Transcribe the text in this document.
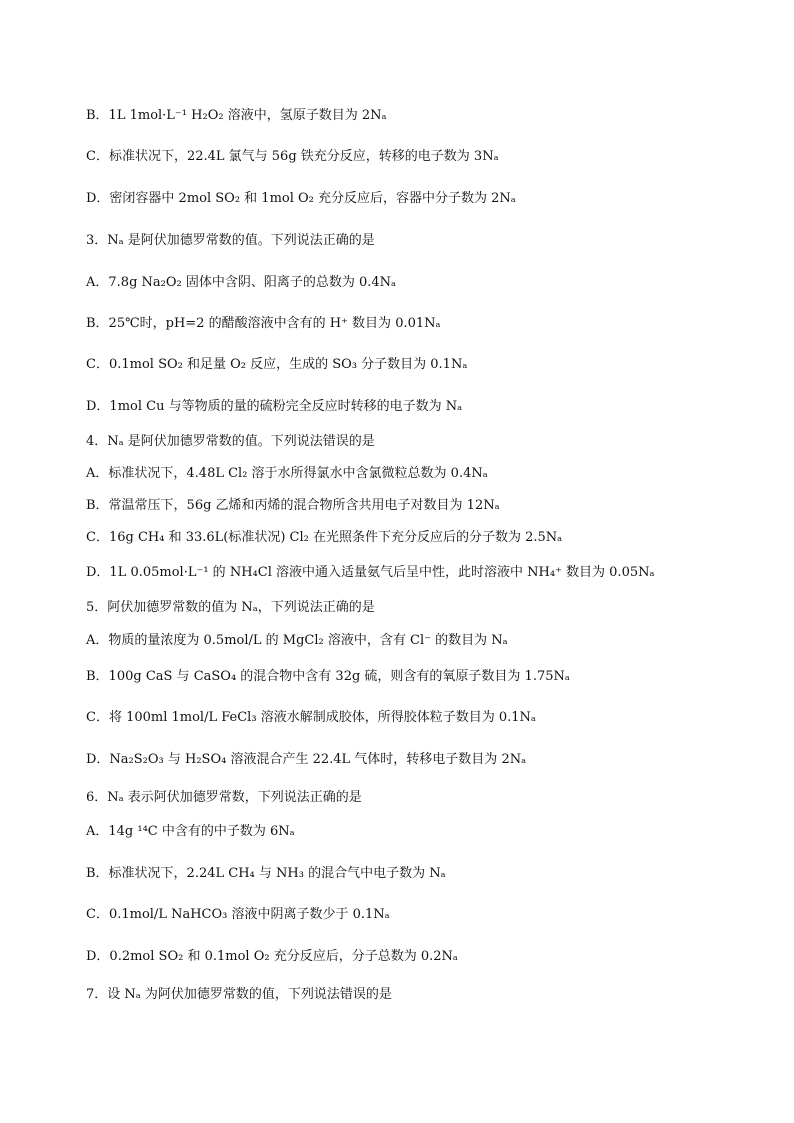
B．1L 1mol·L⁻¹ H₂O₂ 溶液中，氢原子数目为 2Nₐ
C．标准状况下，22.4L 氯气与 56g 铁充分反应，转移的电子数为 3Nₐ
D．密闭容器中 2mol SO₂ 和 1mol O₂ 充分反应后，容器中分子数为 2Nₐ
3．Nₐ 是阿伏加德罗常数的值。下列说法正确的是
A．7.8g Na₂O₂ 固体中含阴、阳离子的总数为 0.4Nₐ
B．25℃时，pH=2 的醋酸溶液中含有的 H⁺ 数目为 0.01Nₐ
C．0.1mol SO₂ 和足量 O₂ 反应，生成的 SO₃ 分子数目为 0.1Nₐ
D．1mol Cu 与等物质的量的硫粉完全反应时转移的电子数为 Nₐ
4．Nₐ 是阿伏加德罗常数的值。下列说法错误的是
A．标准状况下，4.48L Cl₂ 溶于水所得氯水中含氯微粒总数为 0.4Nₐ
B．常温常压下，56g 乙烯和丙烯的混合物所含共用电子对数目为 12Nₐ
C．16g CH₄ 和 33.6L(标准状况) Cl₂ 在光照条件下充分反应后的分子数为 2.5Nₐ
D．1L 0.05mol·L⁻¹ 的 NH₄Cl 溶液中通入适量氨气后呈中性，此时溶液中 NH₄⁺ 数目为 0.05Nₐ
5．阿伏加德罗常数的值为 Nₐ，下列说法正确的是
A．物质的量浓度为 0.5mol/L 的 MgCl₂ 溶液中，含有 Cl⁻ 的数目为 Nₐ
B．100g CaS 与 CaSO₄ 的混合物中含有 32g 硫，则含有的氧原子数目为 1.75Nₐ
C．将 100ml 1mol/L FeCl₃ 溶液水解制成胶体，所得胶体粒子数目为 0.1Nₐ
D．Na₂S₂O₃ 与 H₂SO₄ 溶液混合产生 22.4L 气体时，转移电子数目为 2Nₐ
6．Nₐ 表示阿伏加德罗常数，下列说法正确的是
A．14g ¹⁴C 中含有的中子数为 6Nₐ
B．标准状况下，2.24L CH₄ 与 NH₃ 的混合气中电子数为 Nₐ
C．0.1mol/L NaHCO₃ 溶液中阴离子数少于 0.1Nₐ
D．0.2mol SO₂ 和 0.1mol O₂ 充分反应后，分子总数为 0.2Nₐ
7．设 Nₐ 为阿伏加德罗常数的值，下列说法错误的是
